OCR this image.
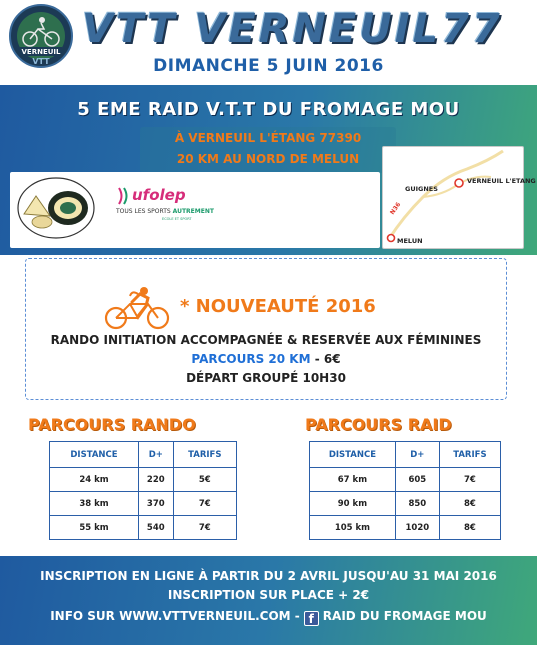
VERNEUIL
VTT
VTT VERNEUIL77
DIMANCHE 5 JUIN 2016
5 EME RAID V.T.T DU FROMAGE MOU
À VERNEUIL L'ÉTANG 77390
20 KM AU NORD DE MELUN
ufolep
TOUS LES SPORTS AUTREMENT
ECOLE ET SPORT
N36
VERNEUIL L'ETANG
GUIGNES
MELUN
* NOUVEAUTÉ 2016
RANDO INITIATION ACCOMPAGNÉE & RESERVÉE AUX FÉMININES
PARCOURS 20 KM - 6€
DÉPART GROUPÉ 10H30
PARCOURS RANDO	PARCOURS RAID
DISTANCE	D+	TARIFS
24 km	220	5€
38 km	370	7€
55 km	540	7€
DISTANCE	D+	TARIFS
67 km	605	7€
90 km	850	8€
105 km	1020	8€
INSCRIPTION EN LIGNE À PARTIR DU 2 AVRIL JUSQU'AU 31 MAI 2016
INSCRIPTION SUR PLACE + 2€
INFO SUR WWW.VTTVERNEUIL.COM - f RAID DU FROMAGE MOU
